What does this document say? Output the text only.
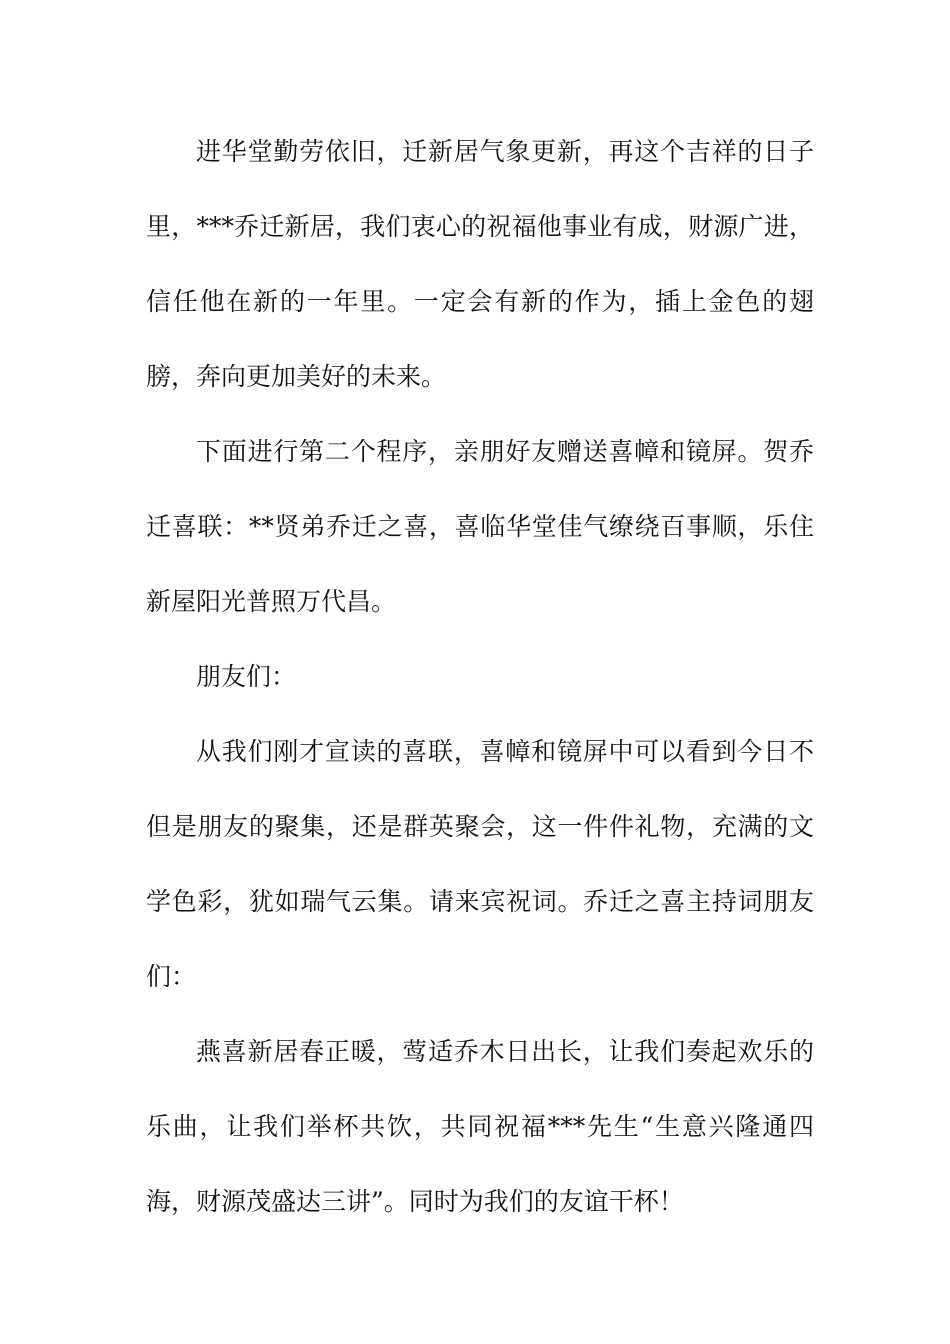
进华堂勤劳依旧，迁新居气象更新，再这个吉祥的日子里，***乔迁新居，我们衷心的祝福他事业有成，财源广进，信任他在新的一年里。一定会有新的作为，插上金色的翅膀，奔向更加美好的未来。

下面进行第二个程序，亲朋好友赠送喜幛和镜屏。贺乔迁喜联：**贤弟乔迁之喜，喜临华堂佳气缭绕百事顺，乐住新屋阳光普照万代昌。

朋友们：

从我们刚才宣读的喜联，喜幛和镜屏中可以看到今日不但是朋友的聚集，还是群英聚会，这一件件礼物，充满的文学色彩，犹如瑞气云集。请来宾祝词。乔迁之喜主持词朋友们：

燕喜新居春正暖，莺适乔木日出长，让我们奏起欢乐的乐曲，让我们举杯共饮，共同祝福***先生“生意兴隆通四海，财源茂盛达三讲”。同时为我们的友谊干杯！
